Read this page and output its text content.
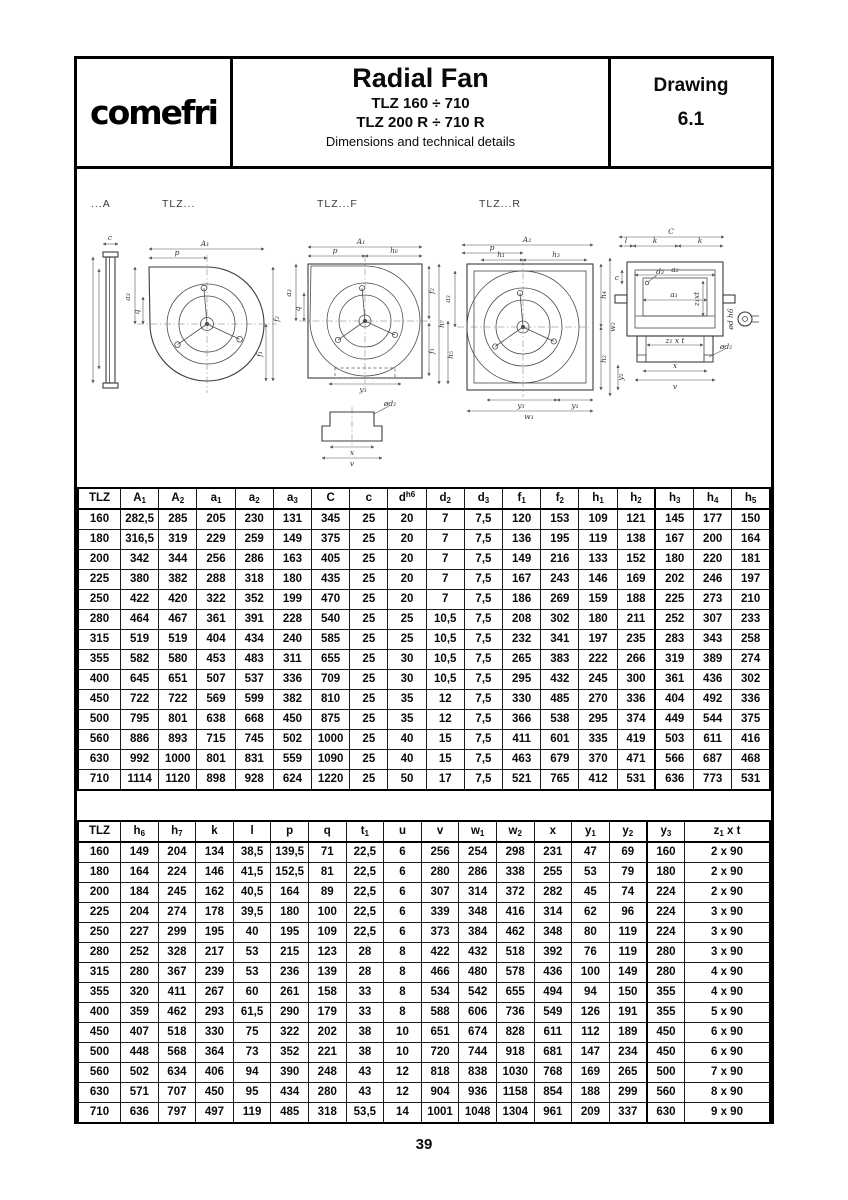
comefri
Radial Fan
TLZ 160 ÷ 710
TLZ 200 R ÷ 710 R
Dimensions and technical details
Drawing
6.1
...A	TLZ...	TLZ...F	TLZ...R
c
A₁
p
a₃
q
f₂
f₁
A₁
p	h₆
a₃
q
f₂
f₁
h₇
h₅
y₃
ød₂
x
v
A₂
p
h₁	h₃
a₃
h₄
h₂
w₂
y₂
y₃	y₁
w₁
C
l	k	k
a₂
d₃
a₁
c
z₁xt
z₁ x t
ød₂
x
v
ød h6
TLZ	$A_1$	$A_2$	$a_1$	$a_2$	$a_3$	C	c	$d^{h6}$	$d_2$	$d_3$	$f_1$	$f_2$	$h_1$	$h_2$	$h_3$	$h_4$	$h_5$
160	282,5	285	205	230	131	345	25	20	7	7,5	120	153	109	121	145	177	150
180	316,5	319	229	259	149	375	25	20	7	7,5	136	195	119	138	167	200	164
200	342	344	256	286	163	405	25	20	7	7,5	149	216	133	152	180	220	181
225	380	382	288	318	180	435	25	20	7	7,5	167	243	146	169	202	246	197
250	422	420	322	352	199	470	25	20	7	7,5	186	269	159	188	225	273	210
280	464	467	361	391	228	540	25	25	10,5	7,5	208	302	180	211	252	307	233
315	519	519	404	434	240	585	25	25	10,5	7,5	232	341	197	235	283	343	258
355	582	580	453	483	311	655	25	30	10,5	7,5	265	383	222	266	319	389	274
400	645	651	507	537	336	709	25	30	10,5	7,5	295	432	245	300	361	436	302
450	722	722	569	599	382	810	25	35	12	7,5	330	485	270	336	404	492	336
500	795	801	638	668	450	875	25	35	12	7,5	366	538	295	374	449	544	375
560	886	893	715	745	502	1000	25	40	15	7,5	411	601	335	419	503	611	416
630	992	1000	801	831	559	1090	25	40	15	7,5	463	679	370	471	566	687	468
710	1114	1120	898	928	624	1220	25	50	17	7,5	521	765	412	531	636	773	531
TLZ	$h_6$	$h_7$	k	l	p	q	$t_1$	u	v	$w_1$	$w_2$	x	$y_1$	$y_2$	$y_3$	$z_1$ x t
160	149	204	134	38,5	139,5	71	22,5	6	256	254	298	231	47	69	160	2 x 90
180	164	224	146	41,5	152,5	81	22,5	6	280	286	338	255	53	79	180	2 x 90
200	184	245	162	40,5	164	89	22,5	6	307	314	372	282	45	74	224	2 x 90
225	204	274	178	39,5	180	100	22,5	6	339	348	416	314	62	96	224	3 x 90
250	227	299	195	40	195	109	22,5	6	373	384	462	348	80	119	224	3 x 90
280	252	328	217	53	215	123	28	8	422	432	518	392	76	119	280	3 x 90
315	280	367	239	53	236	139	28	8	466	480	578	436	100	149	280	4 x 90
355	320	411	267	60	261	158	33	8	534	542	655	494	94	150	355	4 x 90
400	359	462	293	61,5	290	179	33	8	588	606	736	549	126	191	355	5 x 90
450	407	518	330	75	322	202	38	10	651	674	828	611	112	189	450	6 x 90
500	448	568	364	73	352	221	38	10	720	744	918	681	147	234	450	6 x 90
560	502	634	406	94	390	248	43	12	818	838	1030	768	169	265	500	7 x 90
630	571	707	450	95	434	280	43	12	904	936	1158	854	188	299	560	8 x 90
710	636	797	497	119	485	318	53,5	14	1001	1048	1304	961	209	337	630	9 x 90
39
